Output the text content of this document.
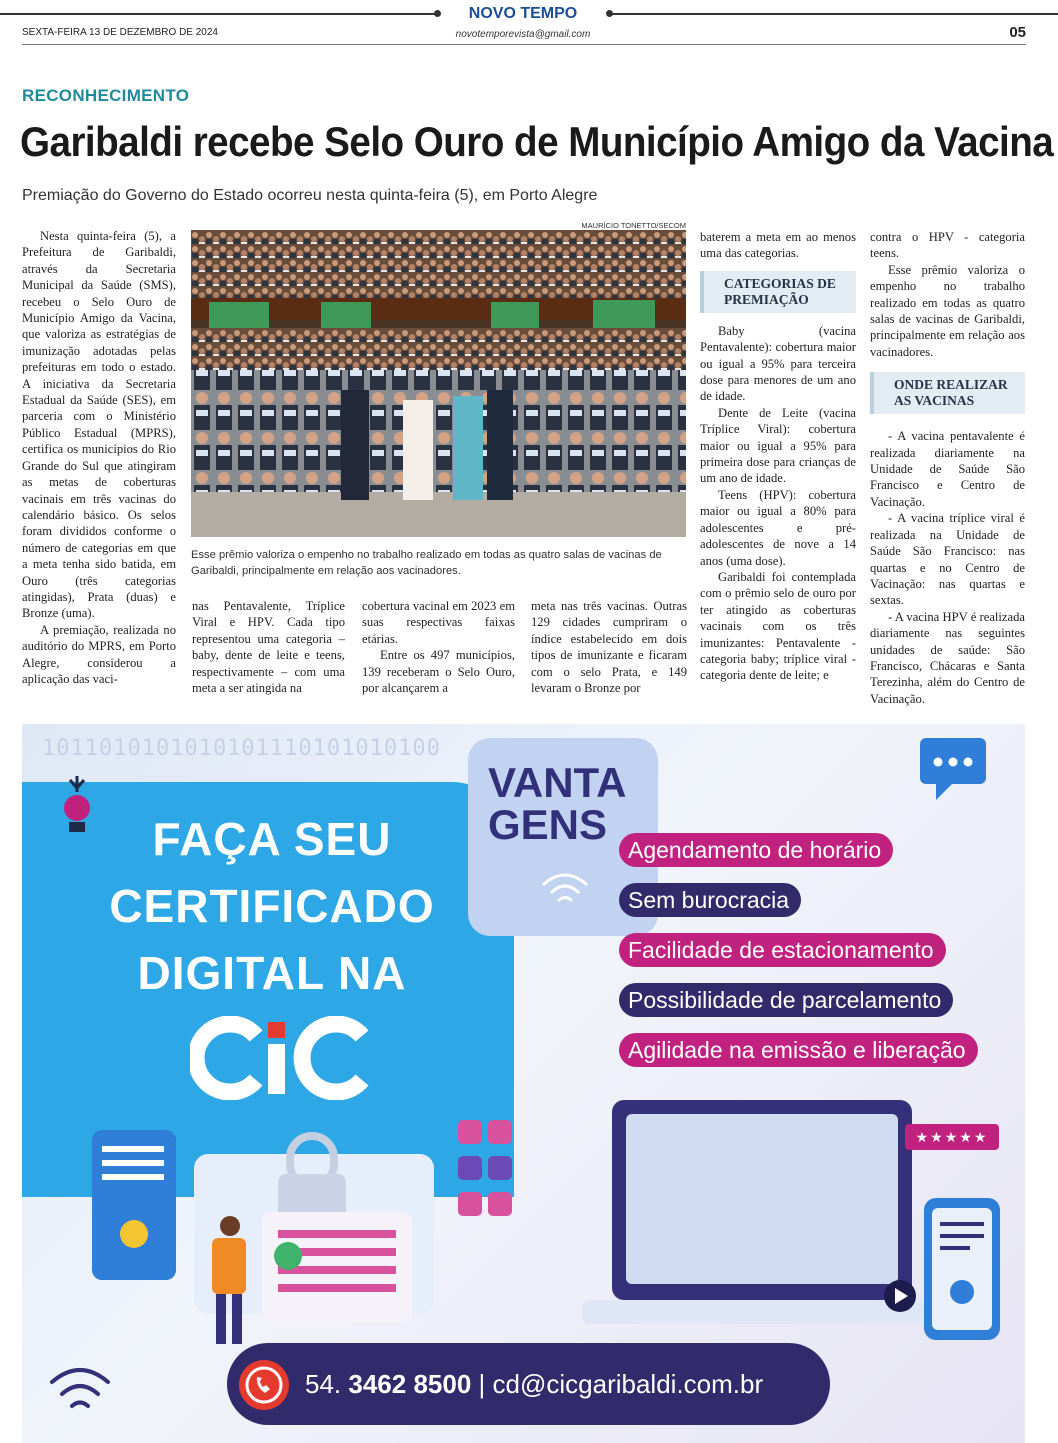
NOVO TEMPO
novotemporevista@gmail.com
SEXTA-FEIRA 13 DE DEZEMBRO DE 2024	05
RECONHECIMENTO
Garibaldi recebe Selo Ouro de Município Amigo da Vacina
Premiação do Governo do Estado ocorreu nesta quinta-feira (5), em Porto Alegre

Nesta quinta-feira (5), a Prefeitura de Garibaldi, através da Secretaria Municipal da Saúde (SMS), recebeu o Selo Ouro de Município Amigo da Vacina, que valoriza as estratégias de imunização adotadas pelas prefeituras em todo o estado. A iniciativa da Secretaria Estadual da Saúde (SES), em parceria com o Ministério Público Estadual (MPRS), certifica os municípios do Rio Grande do Sul que atingiram as metas de coberturas vacinais em três vacinas do calendário básico. Os selos foram divididos conforme o número de categorias em que a meta tenha sido batida, em Ouro (três categorias atingidas), Prata (duas) e Bronze (uma).

A premiação, realizada no auditório do MPRS, em Porto Alegre, considerou a aplicação das vaci-

nas Pentavalente, Tríplice Viral e HPV. Cada tipo representou uma categoria – baby, dente de leite e teens, respectivamente – com uma meta a ser atingida na

cobertura vacinal em 2023 em suas respectivas faixas etárias.

Entre os 497 municípios, 139 receberam o Selo Ouro, por alcançarem a

meta nas três vacinas. Outras 129 cidades cumpriram o índice estabelecido em dois tipos de imunizante e ficaram com o selo Prata, e 149 levaram o Bronze por

baterem a meta em ao menos uma das categorias.

CATEGORIAS DE PREMIAÇÃO

Baby (vacina Pentavalente): cobertura maior ou igual a 95% para terceira dose para menores de um ano de idade.

Dente de Leite (vacina Tríplice Viral): cobertura maior ou igual a 95% para primeira dose para crianças de um ano de idade.

Teens (HPV): cobertura maior ou igual a 80% para adolescentes e pré-adolescentes de nove a 14 anos (uma dose).

Garibaldi foi contemplada com o prêmio selo de ouro por ter atingido as coberturas vacinais com os três imunizantes: Pentavalente - categoria baby; tríplice viral - categoria dente de leite; e

contra o HPV - categoria teens.

Esse prêmio valoriza o empenho no trabalho realizado em todas as quatro salas de vacinas de Garibaldi, principalmente em relação aos vacinadores.

ONDE REALIZAR AS VACINAS

- A vacina pentavalente é realizada diariamente na Unidade de Saúde São Francisco e Centro de Vacinação.

- A vacina tríplice viral é realizada na Unidade de Saúde São Francisco: nas quartas e no Centro de Vacinação: nas quartas e sextas.

- A vacina HPV é realizada diariamente nas seguintes unidades de saúde: São Francisco, Chácaras e Santa Terezinha, além do Centro de Vacinação.

MAURÍCIO TONETTO/SECOM
Esse prêmio valoriza o empenho no trabalho realizado em todas as quatro salas de vacinas de Garibaldi, principalmente em relação aos vacinadores.
1011010101010101110101010100
FAÇA SEU
CERTIFICADO
DIGITAL NA
VANTA
GENS
Agendamento de horário
Sem burocracia
Facilidade de estacionamento
Possibilidade de parcelamento
Agilidade na emissão e liberação
★★★★★
54. 3462 8500 | cd@cicgaribaldi.com.br
